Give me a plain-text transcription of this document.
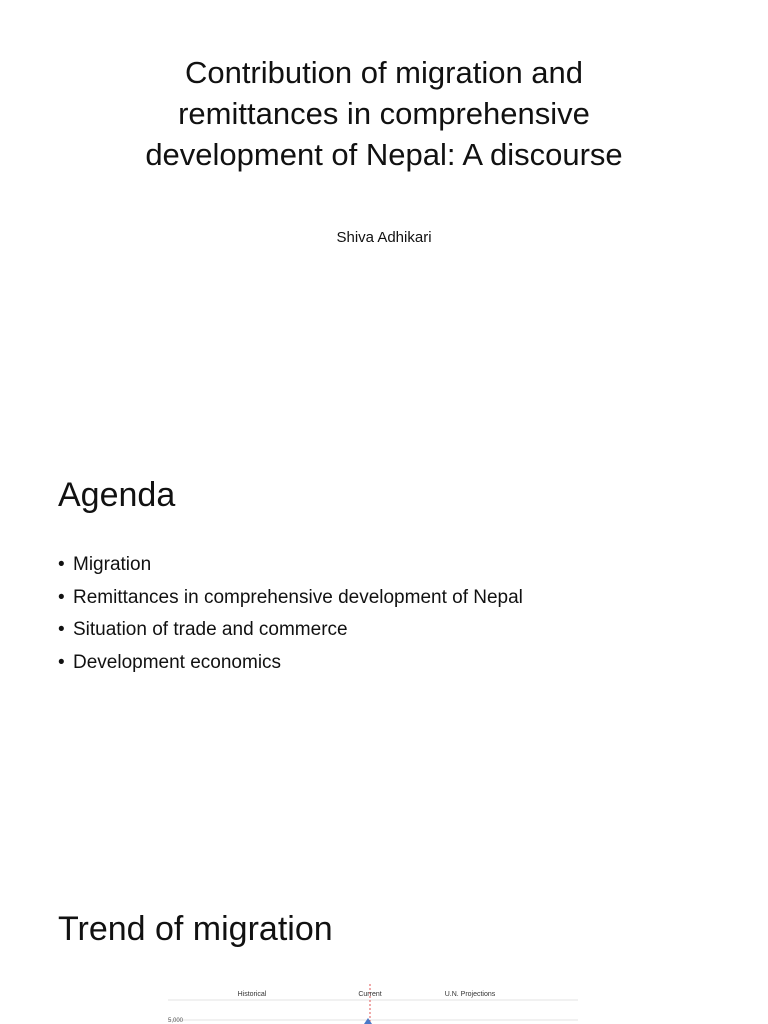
Contribution of migration and
remittances in comprehensive
development of Nepal: A discourse
Shiva Adhikari
Agenda
• Migration
• Remittances in comprehensive development of Nepal
• Situation of trade and commerce
• Development economics
Trend of migration
Historical	Current	U.N. Projections
5,000
